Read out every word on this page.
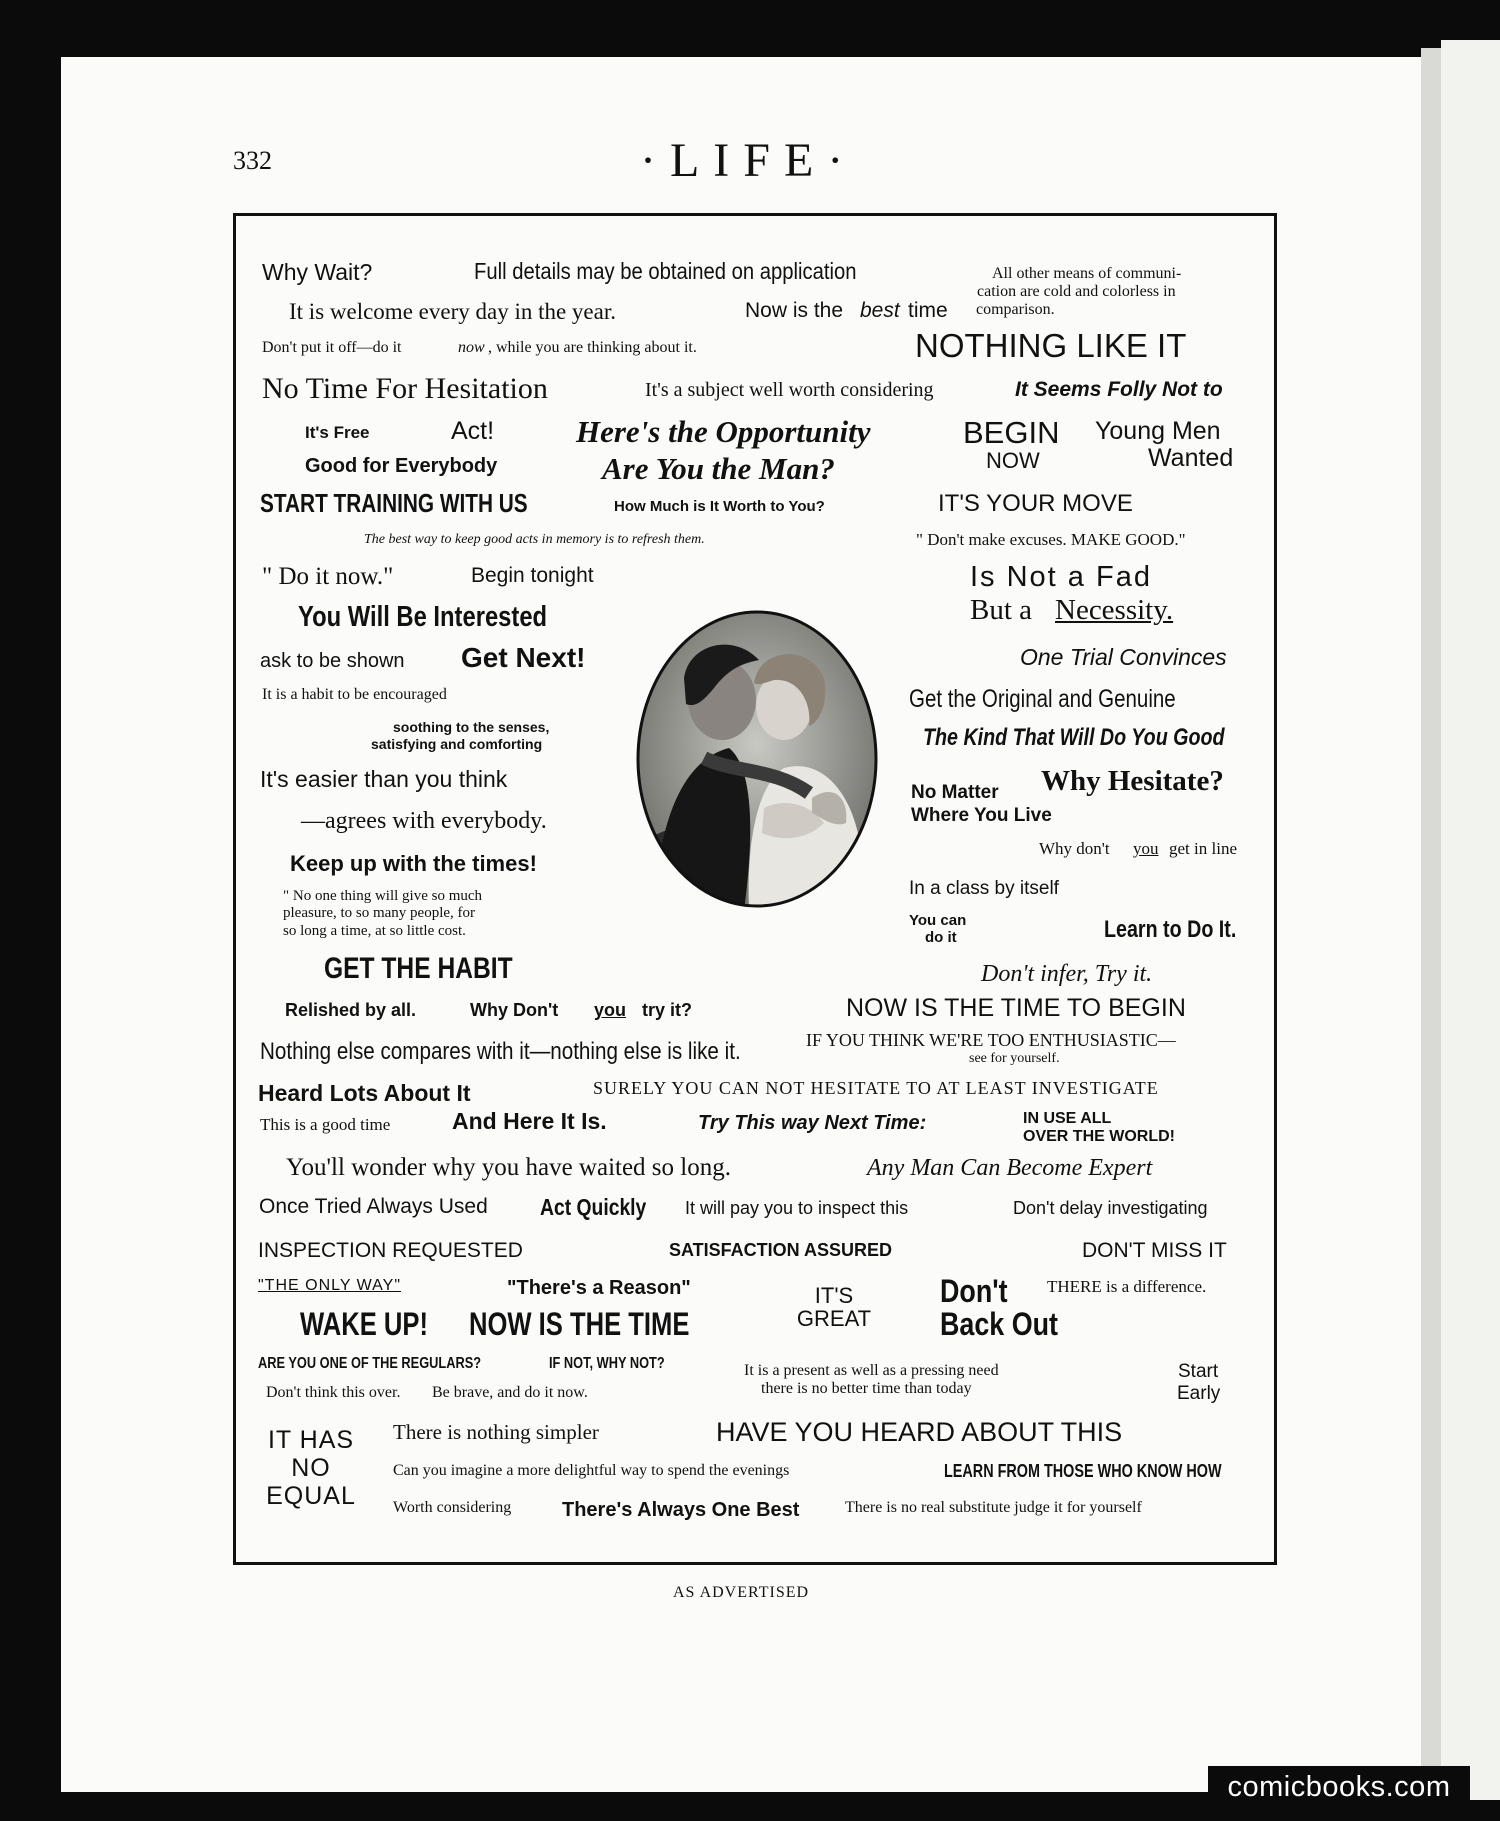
332	·LIFE·
Why Wait?	Full details may be obtained on application	All other means of communi-
cation are cold and colorless in
comparison.
It is welcome every day in the year.	Now is the best time
Don't put it off—do it	now , while you are thinking about it.	NOTHING LIKE IT
No Time For Hesitation	It's a subject well worth considering	It Seems Folly Not to
It's Free	Act!	Here's the Opportunity
Are You the Man?
BEGIN
NOW
Young Men
Wanted
Good for Everybody
START TRAINING WITH US	How Much is It Worth to You?	IT'S YOUR MOVE
The best way to keep good acts in memory is to refresh them.	" Don't make excuses. MAKE GOOD."
" Do it now."	Begin tonight
You Will Be Interested
ask to be shown Get Next!
It is a habit to be encouraged
soothing to the senses,
satisfying and comforting
It's easier than you think
—agrees with everybody.
Keep up with the times!
" No one thing will give so much
pleasure, to so many people, for
so long a time, at so little cost.
GET THE HABIT
Is Not a Fad
But a Necessity.
One Trial Convinces
Get the Original and Genuine
The Kind That Will Do You Good
No Matter
Where You Live
Why Hesitate?
Why don't you get in line
In a class by itself
You can
do it	Learn to Do It.
Don't infer, Try it.
Relished by all.	Why Don't you try it?	NOW IS THE TIME TO BEGIN
Nothing else compares with it—nothing else is like it.	IF YOU THINK WE'RE TOO ENTHUSIASTIC—
see for yourself.
Heard Lots About It	SURELY YOU CAN NOT HESITATE TO AT LEAST INVESTIGATE
This is a good time	And Here It Is.	Try This way Next Time:	IN USE ALL
OVER THE WORLD!
You'll wonder why you have waited so long.	Any Man Can Become Expert
Once Tried Always Used Act Quickly It will pay you to inspect this	Don't delay investigating
INSPECTION REQUESTED	SATISFACTION ASSURED	DON'T MISS IT
"THE ONLY WAY"	"There's a Reason"	IT'S
GREAT
Don't
Back Out
THERE is a difference.
WAKE UP! NOW IS THE TIME
ARE YOU ONE OF THE REGULARS?	IF NOT, WHY NOT?	It is a present as well as a pressing need
there is no better time than today
Start
Early
Don't think this over. Be brave, and do it now.
IT HAS
NO
EQUAL
There is nothing simpler	HAVE YOU HEARD ABOUT THIS
Can you imagine a more delightful way to spend the evenings	LEARN FROM THOSE WHO KNOW HOW
Worth considering	There's Always One Best	There is no real substitute judge it for yourself
AS ADVERTISED
comicbooks.com
